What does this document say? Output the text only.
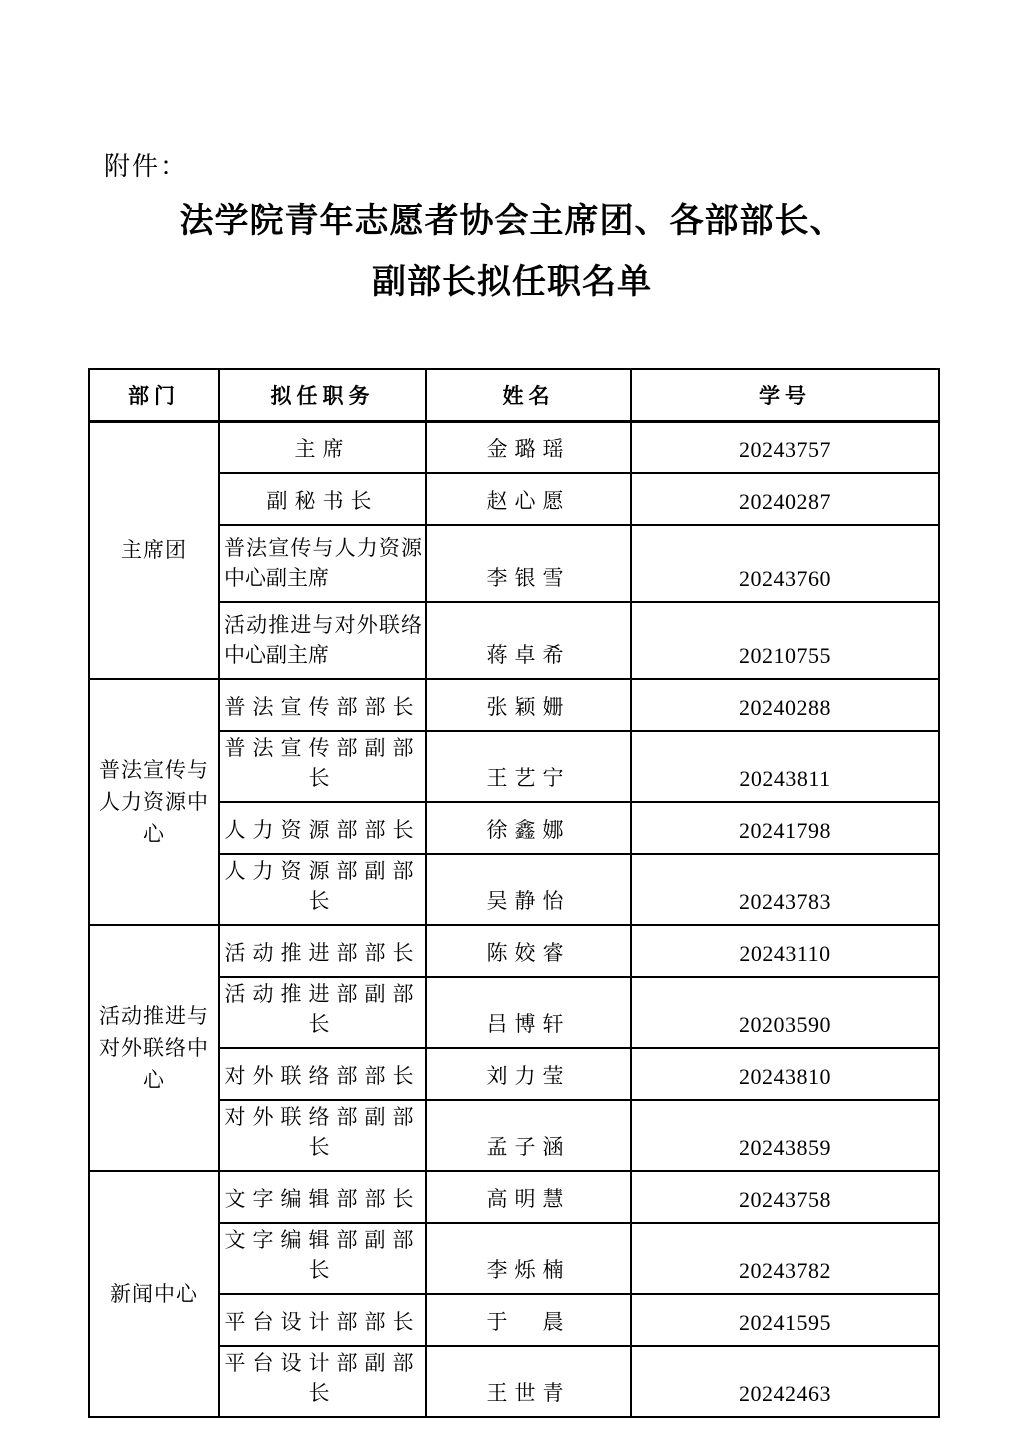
附件：
法学院青年志愿者协会主席团、各部部长、
副部长拟任职名单
部门	拟任职务	姓名	学号
主席团	主席	金璐瑶	20243757
	副秘书长	赵心愿	20240287
	普法宣传与人力资源中心副主席	李银雪	20243760
	活动推进与对外联络中心副主席	蒋卓希	20210755
普法宣传与人力资源中心	普法宣传部部长	张颖姗	20240288
	普法宣传部副部长	王艺宁	20243811
	人力资源部部长	徐鑫娜	20241798
	人力资源部副部长	吴静怡	20243783
活动推进与对外联络中心	活动推进部部长	陈姣睿	20243110
	活动推进部副部长	吕博轩	20203590
	对外联络部部长	刘力莹	20243810
	对外联络部副部长	孟子涵	20243859
新闻中心	文字编辑部部长	高明慧	20243758
	文字编辑部副部长	李烁楠	20243782
	平台设计部部长	于　晨	20241595
	平台设计部副部长	王世青	20242463
